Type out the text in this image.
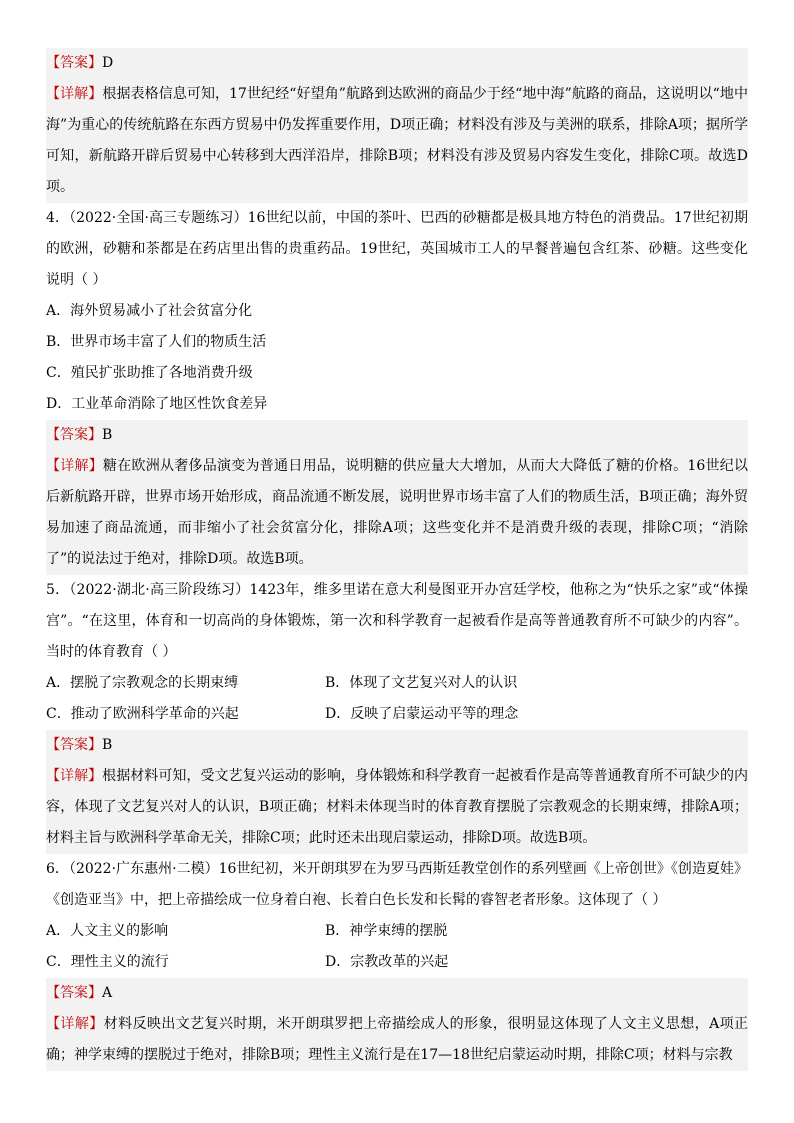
【答案】D

【详解】根据表格信息可知，17世纪经“好望角”航路到达欧洲的商品少于经“地中海”航路的商品，这说明以“地中海”为重心的传统航路在东西方贸易中仍发挥重要作用，D项正确；材料没有涉及与美洲的联系，排除A项；据所学可知，新航路开辟后贸易中心转移到大西洋沿岸，排除B项；材料没有涉及贸易内容发生变化，排除C项。故选D项。

4．（2022·全国·高三专题练习）16世纪以前，中国的茶叶、巴西的砂糖都是极具地方特色的消费品。17世纪初期的欧洲，砂糖和茶都是在药店里出售的贵重药品。19世纪，英国城市工人的早餐普遍包含红茶、砂糖。这些变化说明（ ）

A．海外贸易减小了社会贫富分化
B．世界市场丰富了人们的物质生活
C．殖民扩张助推了各地消费升级
D．工业革命消除了地区性饮食差异

【答案】B

【详解】糖在欧洲从奢侈品演变为普通日用品，说明糖的供应量大大增加，从而大大降低了糖的价格。16世纪以后新航路开辟，世界市场开始形成，商品流通不断发展，说明世界市场丰富了人们的物质生活，B项正确；海外贸易加速了商品流通，而非缩小了社会贫富分化，排除A项；这些变化并不是消费升级的表现，排除C项；“消除了”的说法过于绝对，排除D项。故选B项。

5．（2022·湖北·高三阶段练习）1423年，维多里诺在意大利曼图亚开办宫廷学校，他称之为“快乐之家”或“体操宫”。“在这里，体育和一切高尚的身体锻炼，第一次和科学教育一起被看作是高等普通教育所不可缺少的内容”。当时的体育教育（ ）

A．摆脱了宗教观念的长期束缚	B．体现了文艺复兴对人的认识
C．推动了欧洲科学革命的兴起	D．反映了启蒙运动平等的理念

【答案】B

【详解】根据材料可知，受文艺复兴运动的影响，身体锻炼和科学教育一起被看作是高等普通教育所不可缺少的内容，体现了文艺复兴对人的认识，B项正确；材料未体现当时的体育教育摆脱了宗教观念的长期束缚，排除A项；材料主旨与欧洲科学革命无关，排除C项；此时还未出现启蒙运动，排除D项。故选B项。

6．（2022·广东惠州·二模）16世纪初，米开朗琪罗在为罗马西斯廷教堂创作的系列壁画《上帝创世》《创造夏娃》《创造亚当》中，把上帝描绘成一位身着白袍、长着白色长发和长髯的睿智老者形象。这体现了（ ）

A．人文主义的影响	B．神学束缚的摆脱
C．理性主义的流行	D．宗教改革的兴起

【答案】A

【详解】材料反映出文艺复兴时期，米开朗琪罗把上帝描绘成人的形象，很明显这体现了人文主义思想，A项正确；神学束缚的摆脱过于绝对，排除B项；理性主义流行是在17—18世纪启蒙运动时期，排除C项；材料与宗教
